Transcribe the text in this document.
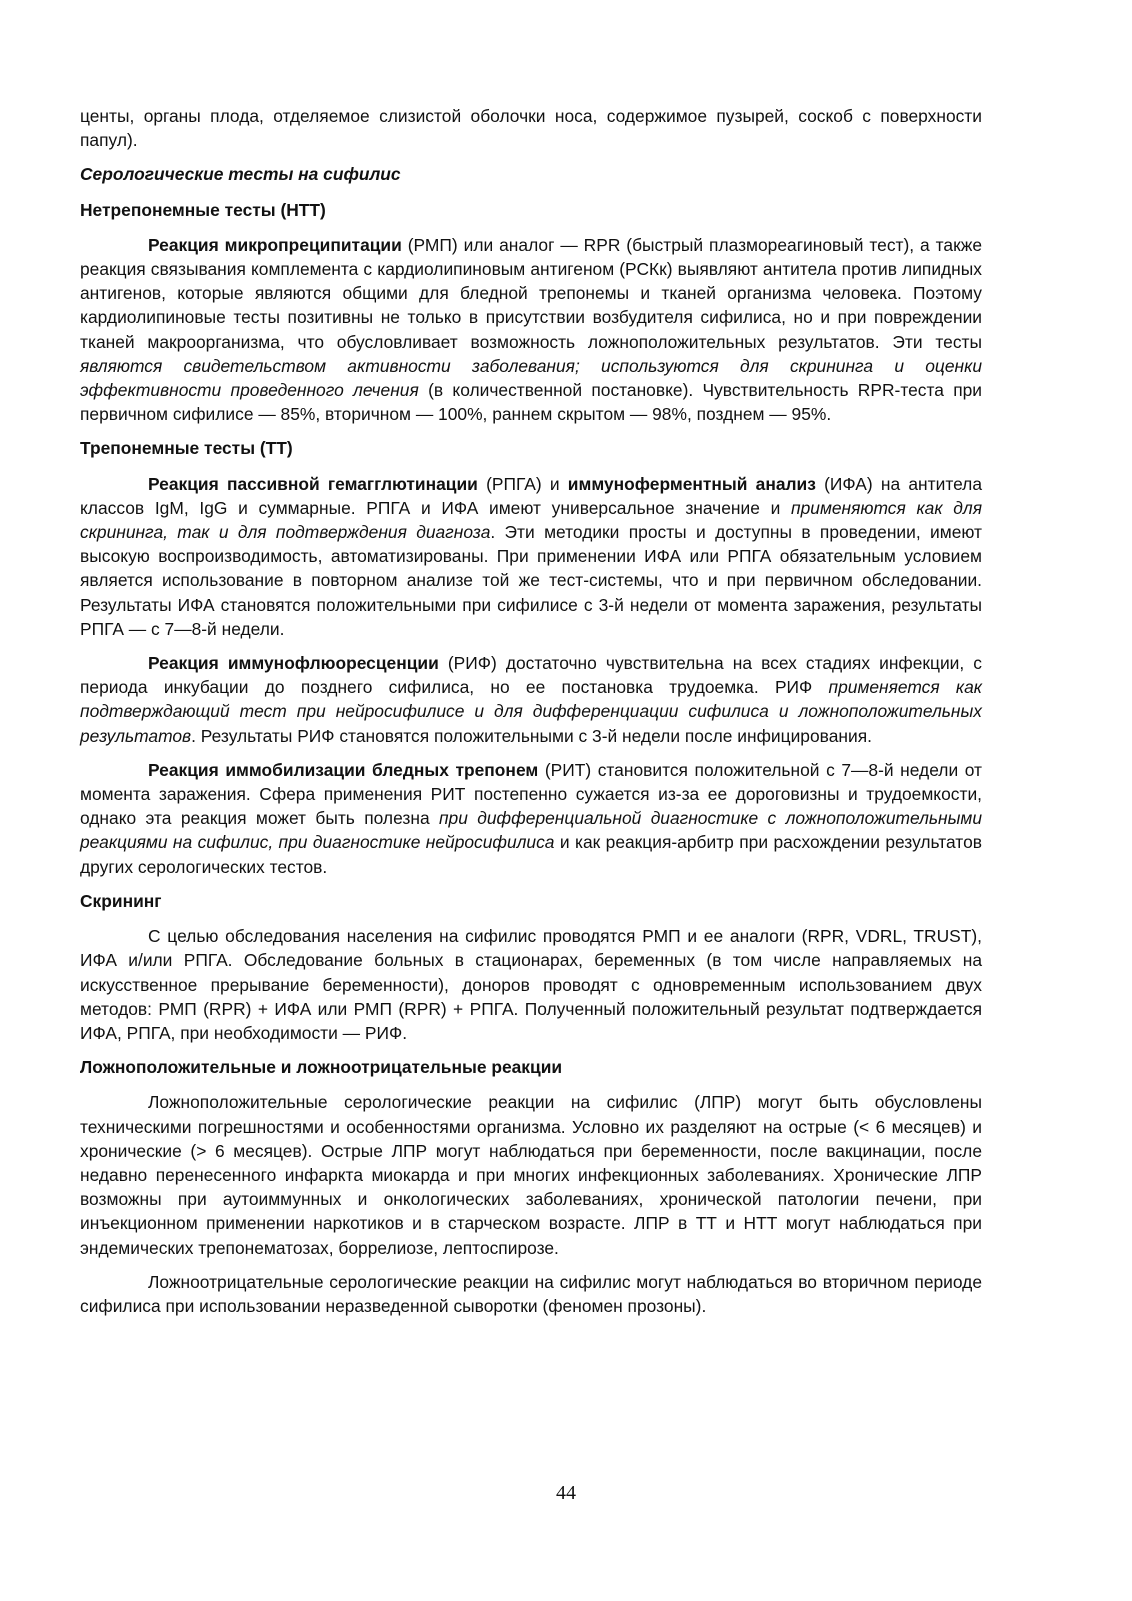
центы, органы плода, отделяемое слизистой оболочки носа, содержимое пузырей, соскоб с поверхности папул).

Серологические тесты на сифилис

Нетрепонемные тесты (НТТ)

Реакция микропреципитации (РМП) или аналог — RPR (быстрый плазмореагиновый тест), а также реакция связывания комплемента с кардиолипиновым антигеном (РСКк) выявляют антитела против липидных антигенов, которые являются общими для бледной трепонемы и тканей организма человека. Поэтому кардиолипиновые тесты позитивны не только в присутствии возбудителя сифилиса, но и при повреждении тканей макроорганизма, что обусловливает возможность ложноположительных результатов. Эти тесты являются свидетельством активности заболевания; используются для скрининга и оценки эффективности проведенного лечения (в количественной постановке). Чувствительность RPR-теста при первичном сифилисе — 85%, вторичном — 100%, раннем скрытом — 98%, позднем — 95%.

Трепонемные тесты (ТТ)

Реакция пассивной гемагглютинации (РПГА) и иммуноферментный анализ (ИФА) на антитела классов IgM, IgG и суммарные. РПГА и ИФА имеют универсальное значение и применяются как для скрининга, так и для подтверждения диагноза. Эти методики просты и доступны в проведении, имеют высокую воспроизводимость, автоматизированы. При применении ИФА или РПГА обязательным условием является использование в повторном анализе той же тест-системы, что и при первичном обследовании. Результаты ИФА становятся положительными при сифилисе с 3-й недели от момента заражения, результаты РПГА — с 7—8-й недели.

Реакция иммунофлюоресценции (РИФ) достаточно чувствительна на всех стадиях инфекции, с периода инкубации до позднего сифилиса, но ее постановка трудоемка. РИФ применяется как подтверждающий тест при нейросифилисе и для дифференциации сифилиса и ложноположительных результатов. Результаты РИФ становятся положительными с 3-й недели после инфицирования.

Реакция иммобилизации бледных трепонем (РИТ) становится положительной с 7—8-й недели от момента заражения. Сфера применения РИТ постепенно сужается из-за ее дороговизны и трудоемкости, однако эта реакция может быть полезна при дифференциальной диагностике с ложноположительными реакциями на сифилис, при диагностике нейросифилиса и как реакция-арбитр при расхождении результатов других серологических тестов.

Скрининг

С целью обследования населения на сифилис проводятся РМП и ее аналоги (RPR, VDRL, TRUST), ИФА и/или РПГА. Обследование больных в стационарах, беременных (в том числе направляемых на искусственное прерывание беременности), доноров проводят с одновременным использованием двух методов: РМП (RPR) + ИФА или РМП (RPR) + РПГА. Полученный положительный результат подтверждается ИФА, РПГА, при необходимости — РИФ.

Ложноположительные и ложноотрицательные реакции

Ложноположительные серологические реакции на сифилис (ЛПР) могут быть обусловлены техническими погрешностями и особенностями организма. Условно их разделяют на острые (< 6 месяцев) и хронические (> 6 месяцев). Острые ЛПР могут наблюдаться при беременности, после вакцинации, после недавно перенесенного инфаркта миокарда и при многих инфекционных заболеваниях. Хронические ЛПР возможны при аутоиммунных и онкологических заболеваниях, хронической патологии печени, при инъекционном применении наркотиков и в старческом возрасте. ЛПР в ТТ и НТТ могут наблюдаться при эндемических трепонематозах, боррелиозе, лептоспирозе.

Ложноотрицательные серологические реакции на сифилис могут наблюдаться во вторичном периоде сифилиса при использовании неразведенной сыворотки (феномен прозоны).

44
